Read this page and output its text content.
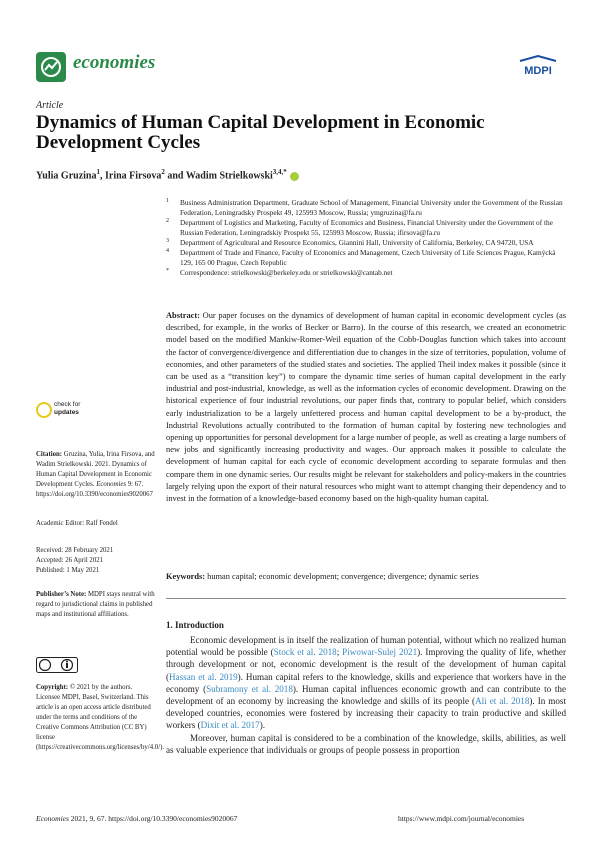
economies	MDPI
Article
Dynamics of Human Capital Development in Economic Development Cycles
Yulia Gruzina$^1$, Irina Firsova$^2$ and Wadim Strielkowski$^{3,4,*}$
1 Business Administration Department, Graduate School of Management, Financial University under the Government of the Russian Federation, Leningradsky Prospekt 49, 125993 Moscow, Russia; ymgruzina@fa.ru
2 Department of Logistics and Marketing, Faculty of Economics and Business, Financial University under the Government of the Russian Federation, Leningradskiy Prospekt 55, 125993 Moscow, Russia; ifirsova@fa.ru
3 Department of Agricultural and Resource Economics, Giannini Hall, University of California, Berkeley, CA 94720, USA
4 Department of Trade and Finance, Faculty of Economics and Management, Czech University of Life Sciences Prague, Kamýcká 129, 165 00 Prague, Czech Republic
* Correspondence: strielkowski@berkeley.edu or strielkowski@cantab.net
Abstract: Our paper focuses on the dynamics of development of human capital in economic development cycles (as described, for example, in the works of Becker or Barro). In the course of this research, we created an econometric model based on the modified Mankiw-Romer-Weil equation of the Cobb-Douglas function which takes into account the factor of convergence/divergence and differentiation due to changes in the size of territories, population, volume of economies, and other parameters of the studied states and societies. The applied Theil index makes it possible (since it can be used as a “transition key”) to compare the dynamic time series of human capital development in the early industrial and post-industrial, knowledge, as well as the information cycles of economic development. Drawing on the historical experience of four industrial revolutions, our paper finds that, contrary to popular belief, which considers early industrialization to be a largely unfettered process and human capital development to be a by-product, the Industrial Revolutions actually contributed to the formation of human capital by fostering new technologies and opening up opportunities for personal development for a large number of people, as well as creating a large numbers of new jobs and significantly increasing productivity and wages. Our approach makes it possible to calculate the development of human capital for each cycle of economic development according to separate formulas and then compare them in one dynamic series. Our results might be relevant for stakeholders and policy-makers in the countries largely relying upon the export of their natural resources who might want to attempt changing their dependency and to invest in the formation of a knowledge-based economy based on the high-quality human capital.
Keywords: human capital; economic development; convergence; divergence; dynamic series
1. Introduction

Economic development is in itself the realization of human potential, without which no realized human potential would be possible (Stock et al. 2018; Piwowar-Sulej 2021). Improving the quality of life, whether through development or not, economic development is the result of the development of human capital (Hassan et al. 2019). Human capital refers to the knowledge, skills and experience that workers have in the economy (Subramony et al. 2018). Human capital influences economic growth and can contribute to the development of an economy by increasing the knowledge and skills of its people (Ali et al. 2018). In most developed countries, economies were fostered by increasing their capacity to train productive and skilled workers (Dixit et al. 2017).

Moreover, human capital is considered to be a combination of the knowledge, skills, abilities, as well as valuable experience that individuals or groups of people possess in proportion

check for
updates
Citation: Gruzina, Yulia, Irina Firsova, and Wadim Strielkowski. 2021. Dynamics of Human Capital Development in Economic Development Cycles. Economies 9: 67. https://doi.org/10.3390/economies9020067
Academic Editor: Ralf Fendel
Received: 28 February 2021
Accepted: 26 April 2021
Published: 1 May 2021
Publisher’s Note: MDPI stays neutral with regard to jurisdictional claims in published maps and institutional affiliations.
Copyright: © 2021 by the authors. Licensee MDPI, Basel, Switzerland. This article is an open access article distributed under the terms and conditions of the Creative Commons Attribution (CC BY) license (https://creativecommons.org/licenses/by/4.0/).
Economies 2021, 9, 67. https://doi.org/10.3390/economies9020067	https://www.mdpi.com/journal/economies
